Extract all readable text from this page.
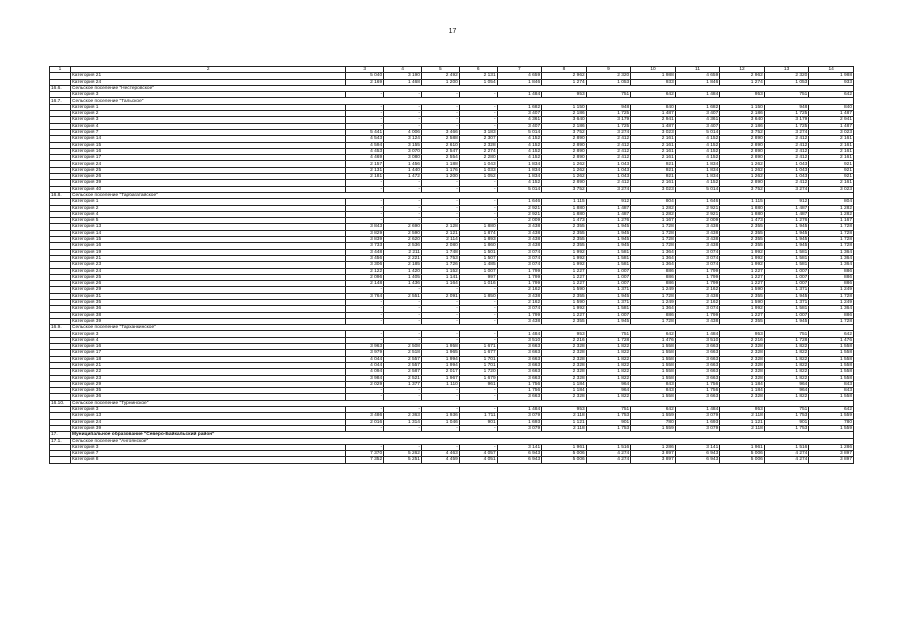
17
1	2	3	4	5	6	7	8	9	10	11	12	13	14
	Категория 21	5 040	3 190	2 492	2 131	4 659	2 962	2 320	1 988	4 659	2 962	2 320	1 988
	Категория 24	2 169	1 468	1 200	1 054	1 846	1 274	1 053	933	1 846	1 274	1 053	933
16.6.	Сельское поселение "Нестеровское"												
	Категория 3	-	-	-	-	1 484	953	751	642	1 484	953	751	642
16.7.	Сельское поселение "Тальское"												
	Категория 1	-	-	-	-	1 682	1 150	948	840	1 682	1 150	948	840
	Категория 2	-	-	-	-	3 407	2 186	1 725	1 487	3 407	2 186	1 725	1 487
	Категория 3	-	-	-	-	4 361	3 640	3 179	2 941	4 361	3 640	3 179	2 941
	Категория 4	-	-	-	-	3 407	2 186	1 725	1 487	3 407	2 186	1 725	1 487
	Категория 7	5 441	4 006	3 466	3 183	5 014	3 752	3 274	3 023	5 014	3 752	3 274	3 023
	Категория 14	4 543	3 124	2 588	2 307	4 152	2 890	2 412	2 161	4 152	2 890	2 412	2 161
	Категория 15	4 594	3 155	2 610	2 328	4 152	2 890	2 412	2 161	4 152	2 890	2 412	2 161
	Категория 16	4 453	3 070	2 547	2 274	4 152	2 890	2 412	2 161	4 152	2 890	2 412	2 161
	Категория 17	4 469	3 080	2 554	2 280	4 152	2 890	2 412	2 161	4 152	2 890	2 412	2 161
	Категория 24	2 157	1 456	1 188	1 043	1 834	1 262	1 043	921	1 834	1 262	1 043	921
	Категория 25	2 131	1 440	1 176	1 033	1 834	1 262	1 043	921	1 834	1 262	1 043	921
	Категория 26	2 181	1 472	1 200	1 052	1 834	1 262	1 043	921	1 834	1 262	1 043	921
	Категория 39	-	-	-	-	4 152	2 890	2 412	2 161	4 152	2 890	2 412	2 161
	Категория 40	-	-	-	-	5 014	3 752	3 274	3 023	5 014	3 752	3 274	3 023
16.8.	Сельское поселение "Тарбагатайское"												
	Категория 1	-	-	-	-	1 646	1 115	912	804	1 646	1 115	912	804
	Категория 2	-	-	-	-	2 921	1 880	1 487	1 282	2 921	1 880	1 487	1 282
	Категория 4	-	-	-	-	2 921	1 880	1 487	1 282	2 921	1 880	1 487	1 282
	Категория 5	-	-	-	-	2 009	1 473	1 276	1 167	2 009	1 473	1 276	1 167
	Категория 13	3 843	2 690	2 128	1 880	3 438	2 355	1 945	1 728	3 438	2 355	1 945	1 728
	Категория 14	3 829	2 590	2 121	1 874	3 438	2 355	1 945	1 728	3 438	2 355	1 945	1 728
	Категория 15	3 839	2 620	2 114	1 893	3 438	2 355	1 945	1 728	3 438	2 355	1 945	1 728
	Категория 16	3 733	2 536	2 080	1 860	3 438	2 355	1 945	1 728	3 438	2 355	1 945	1 728
	Категория 19	3 448	2 211	1 748	1 501	3 074	1 992	1 581	1 364	3 074	1 992	1 581	1 364
	Категория 21	3 456	2 221	1 753	1 507	3 074	1 992	1 581	1 364	3 074	1 992	1 581	1 364
	Категория 23	3 306	2 185	1 726	1 485	3 074	1 992	1 581	1 364	3 074	1 992	1 581	1 364
	Категория 24	2 122	1 420	1 152	1 007	1 799	1 227	1 007	886	1 799	1 227	1 007	886
	Категория 25	2 096	1 405	1 141	997	1 799	1 227	1 007	886	1 799	1 227	1 007	886
	Категория 26	2 148	1 436	1 164	1 016	1 799	1 227	1 007	886	1 799	1 227	1 007	886
	Категория 29	-	-	-	-	2 162	1 590	1 371	1 249	2 162	1 590	1 371	1 249
	Категория 31	3 764	2 551	2 091	1 850	3 438	2 355	1 945	1 728	3 438	2 355	1 945	1 728
	Категория 35	-	-	-	-	2 162	1 590	1 371	1 249	2 162	1 590	1 371	1 249
	Категория 36	-	-	-	-	3 074	1 992	1 581	1 364	3 074	1 992	1 581	1 364
	Категория 38	-	-	-	-	1 799	1 227	1 007	886	1 799	1 227	1 007	886
	Категория 39	-	-	-	-	3 438	2 355	1 945	1 728	3 438	2 355	1 945	1 728
16.9.	Сельское поселение "Тарханкинское"												
	Категория 3	-	-	-	-	1 484	953	751	642	1 484	953	751	642
	Категория 4	-	-	-	-	3 510	2 216	1 728	1 476	3 510	2 216	1 728	1 476
	Категория 16	3 963	2 508	1 958	1 671	3 663	2 328	1 822	1 558	3 663	2 328	1 822	1 558
	Категория 17	3 979	2 518	1 965	1 677	3 663	2 328	1 822	1 558	3 663	2 328	1 822	1 558
	Категория 18	4 044	2 557	1 994	1 701	3 663	2 328	1 822	1 558	3 663	2 328	1 822	1 558
	Категория 21	4 044	2 557	1 994	1 701	3 663	2 328	1 822	1 558	3 663	2 328	1 822	1 558
	Категория 22	4 094	2 587	2 017	1 720	3 663	2 328	1 822	1 558	3 663	2 328	1 822	1 558
	Категория 23	3 984	2 521	1 967	1 679	3 663	2 328	1 822	1 558	3 663	2 328	1 822	1 558
	Категория 29	2 029	1 377	1 110	961	1 756	1 184	964	843	1 756	1 184	964	843
	Категория 35	-	-	-	-	1 756	1 184	964	843	1 756	1 184	964	843
	Категория 36	-	-	-	-	3 663	2 328	1 822	1 558	3 663	2 328	1 822	1 558
16.10.	Сельское поселение "Турнинское"												
	Категория 3	-	-	-	-	1 484	953	751	642	1 484	953	751	642
	Категория 13	3 486	2 363	1 936	1 711	3 079	2 118	1 753	1 559	3 079	2 118	1 753	1 559
	Категория 24	2 016	1 314	1 046	901	1 693	1 121	901	780	1 693	1 121	901	780
	Категория 39	-	-	-	-	3 079	2 118	1 753	1 559	3 079	2 118	1 753	1 559
17.	Муниципальное образование "Северо-Байкальский район"												
17.1.	Сельское поселение "Ангоянское"												
	Категория 3	-	-	-	-	3 141	1 961	1 516	1 286	3 141	1 961	1 516	1 286
	Категория 7	7 370	5 262	4 463	4 057	6 943	5 006	4 274	3 897	6 943	5 006	4 274	3 897
	Категория 8	7 352	5 251	4 459	4 051	6 943	5 006	4 274	3 897	6 943	5 006	4 274	3 897
